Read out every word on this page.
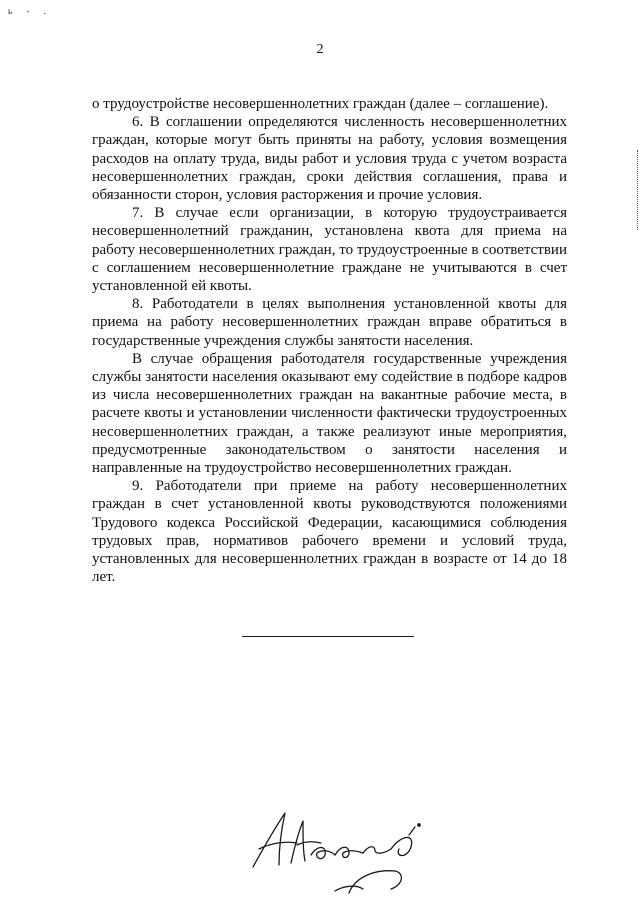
ь - .
2

о трудоустройстве несовершеннолетних граждан (далее – соглашение).

6. В соглашении определяются численность несовершеннолетних граждан, которые могут быть приняты на работу, условия возмещения расходов на оплату труда, виды работ и условия труда с учетом возраста несовершеннолетних граждан, сроки действия соглашения, права и обязанности сторон, условия расторжения и прочие условия.

7. В случае если организации, в которую трудоустраивается несовершеннолетний гражданин, установлена квота для приема на работу несовершеннолетних граждан, то трудоустроенные в соответствии с соглашением несовершеннолетние граждане не учитываются в счет установленной ей квоты.

8. Работодатели в целях выполнения установленной квоты для приема на работу несовершеннолетних граждан вправе обратиться в государственные учреждения службы занятости населения.

В случае обращения работодателя государственные учреждения службы занятости населения оказывают ему содействие в подборе кадров из числа несовершеннолетних граждан на вакантные рабочие места, в расчете квоты и установлении численности фактически трудоустроенных несовершеннолетних граждан, а также реализуют иные мероприятия, предусмотренные законодательством о занятости населения и направленные на трудоустройство несовершеннолетних граждан.

9. Работодатели при приеме на работу несовершеннолетних граждан в счет установленной квоты руководствуются положениями Трудового кодекса Российской Федерации, касающимися соблюдения трудовых прав, нормативов рабочего времени и условий труда, установленных для несовершеннолетних граждан в возрасте от 14 до 18 лет.
